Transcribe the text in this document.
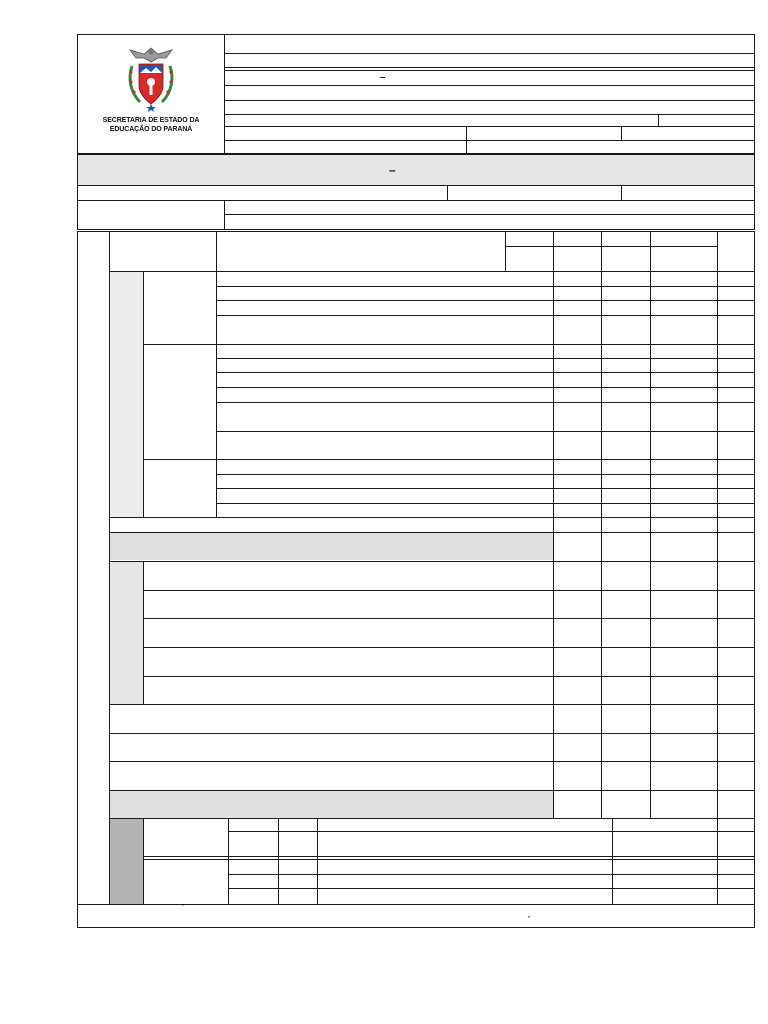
SECRETARIA DE ESTADO DA
EDUCAÇÃO DO PARANÁ
–
–
"
"
